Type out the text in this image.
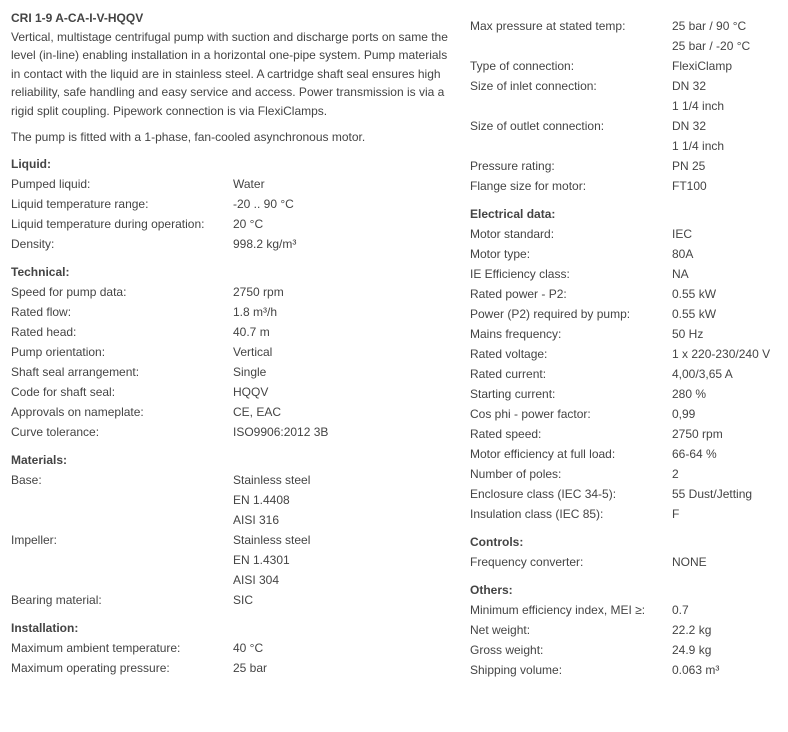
CRI 1-9 A-CA-I-V-HQQV

Vertical, multistage centrifugal pump with suction and discharge ports on same the level (in-line) enabling installation in a horizontal one-pipe system. Pump materials in contact with the liquid are in stainless steel. A cartridge shaft seal ensures high reliability, safe handling and easy service and access. Power transmission is via a rigid split coupling. Pipework connection is via FlexiClamps.

The pump is fitted with a 1-phase, fan-cooled asynchronous motor.

Liquid:
Pumped liquid:	Water
Liquid temperature range:	-20 .. 90 °C
Liquid temperature during operation:	20 °C
Density:	998.2 kg/m³
Technical:
Speed for pump data:	2750 rpm
Rated flow:	1.8 m³/h
Rated head:	40.7 m
Pump orientation:	Vertical
Shaft seal arrangement:	Single
Code for shaft seal:	HQQV
Approvals on nameplate:	CE, EAC
Curve tolerance:	ISO9906:2012 3B
Materials:
Base:	Stainless steel
EN 1.4408
AISI 316
Impeller:	Stainless steel
EN 1.4301
AISI 304
Bearing material:	SIC
Installation:
Maximum ambient temperature:	40 °C
Maximum operating pressure:	25 bar
Max pressure at stated temp:	25 bar / 90 °C
25 bar / -20 °C
Type of connection:	FlexiClamp
Size of inlet connection:	DN 32
1 1/4 inch
Size of outlet connection:	DN 32
1 1/4 inch
Pressure rating:	PN 25
Flange size for motor:	FT100
Electrical data:
Motor standard:	IEC
Motor type:	80A
IE Efficiency class:	NA
Rated power - P2:	0.55 kW
Power (P2) required by pump:	0.55 kW
Mains frequency:	50 Hz
Rated voltage:	1 x 220-230/240 V
Rated current:	4,00/3,65 A
Starting current:	280 %
Cos phi - power factor:	0,99
Rated speed:	2750 rpm
Motor efficiency at full load:	66-64 %
Number of poles:	2
Enclosure class (IEC 34-5):	55 Dust/Jetting
Insulation class (IEC 85):	F
Controls:
Frequency converter:	NONE
Others:
Minimum efficiency index, MEI ≥:	0.7
Net weight:	22.2 kg
Gross weight:	24.9 kg
Shipping volume:	0.063 m³
